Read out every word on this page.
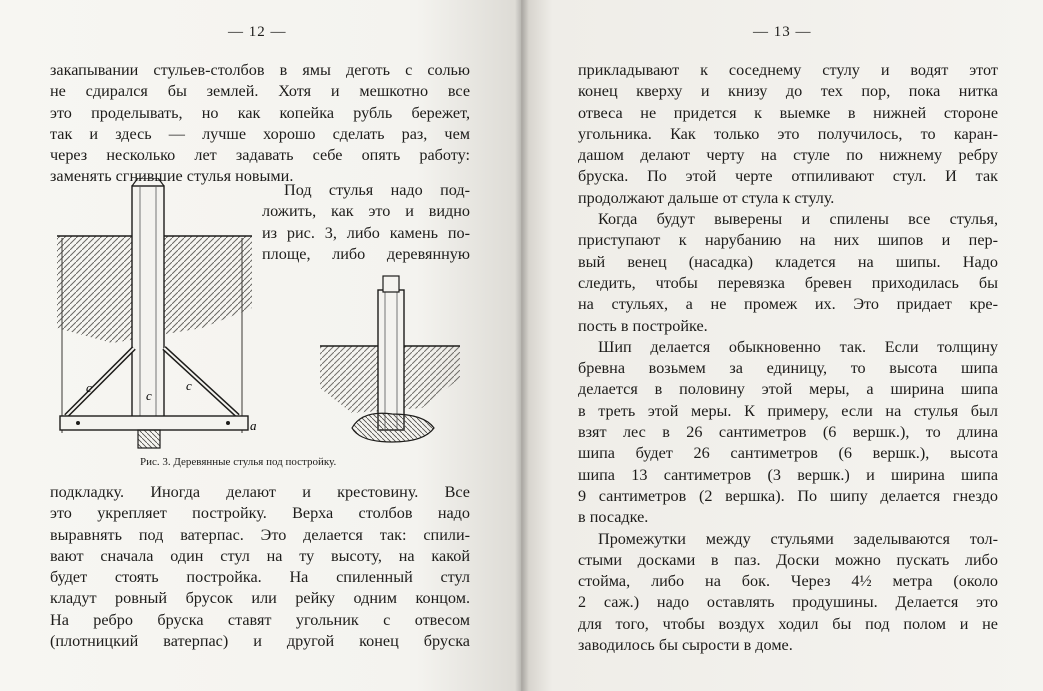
— 12 —
закапывании стульев-столбов в ямы деготь с солью
не сдирался бы землей. Хотя и мешкотно все
это проделывать, но как копейка рубль бережет,
так и здесь — лучше хорошо сделать раз, чем
через несколько лет задавать себе опять работу:
заменять сгнившие стулья новыми.
Под стулья надо под-
ложить, как это и видно
из рис. 3, либо камень по-
площе, либо деревянную
c
c
c
a
Рис. 3. Деревянные стулья под постройку.
подкладку. Иногда делают и крестовину. Все
это укрепляет постройку. Верха столбов надо
выравнять под ватерпас. Это делается так: спили-
вают сначала один стул на ту высоту, на какой
будет стоять постройка. На спиленный стул
кладут ровный брусок или рейку одним концом.
На ребро бруска ставят угольник с отвесом
(плотницкий ватерпас) и другой конец бруска
— 13 —
прикладывают к соседнему стулу и водят этот
конец кверху и книзу до тех пор, пока нитка
отвеса не придется к выемке в нижней стороне
угольника. Как только это получилось, то каран-
дашом делают черту на стуле по нижнему ребру
бруска. По этой черте отпиливают стул. И так
продолжают дальше от стула к стулу.
Когда будут выверены и спилены все стулья,
приступают к нарубанию на них шипов и пер-
вый венец (насадка) кладется на шипы. Надо
следить, чтобы перевязка бревен приходилась бы
на стульях, а не промеж их. Это придает кре-
пость в постройке.
Шип делается обыкновенно так. Если толщину
бревна возьмем за единицу, то высота шипа
делается в половину этой меры, а ширина шипа
в треть этой меры. К примеру, если на стулья был
взят лес в 26 сантиметров (6 вершк.), то длина
шипа будет 26 сантиметров (6 вершк.), высота
шипа 13 сантиметров (3 вершк.) и ширина шипа
9 сантиметров (2 вершка). По шипу делается гнездо
в посадке.
Промежутки между стульями заделываются тол-
стыми досками в паз. Доски можно пускать либо
стойма, либо на бок. Через 4½ метра (около
2 саж.) надо оставлять продушины. Делается это
для того, чтобы воздух ходил бы под полом и не
заводилось бы сырости в доме.
